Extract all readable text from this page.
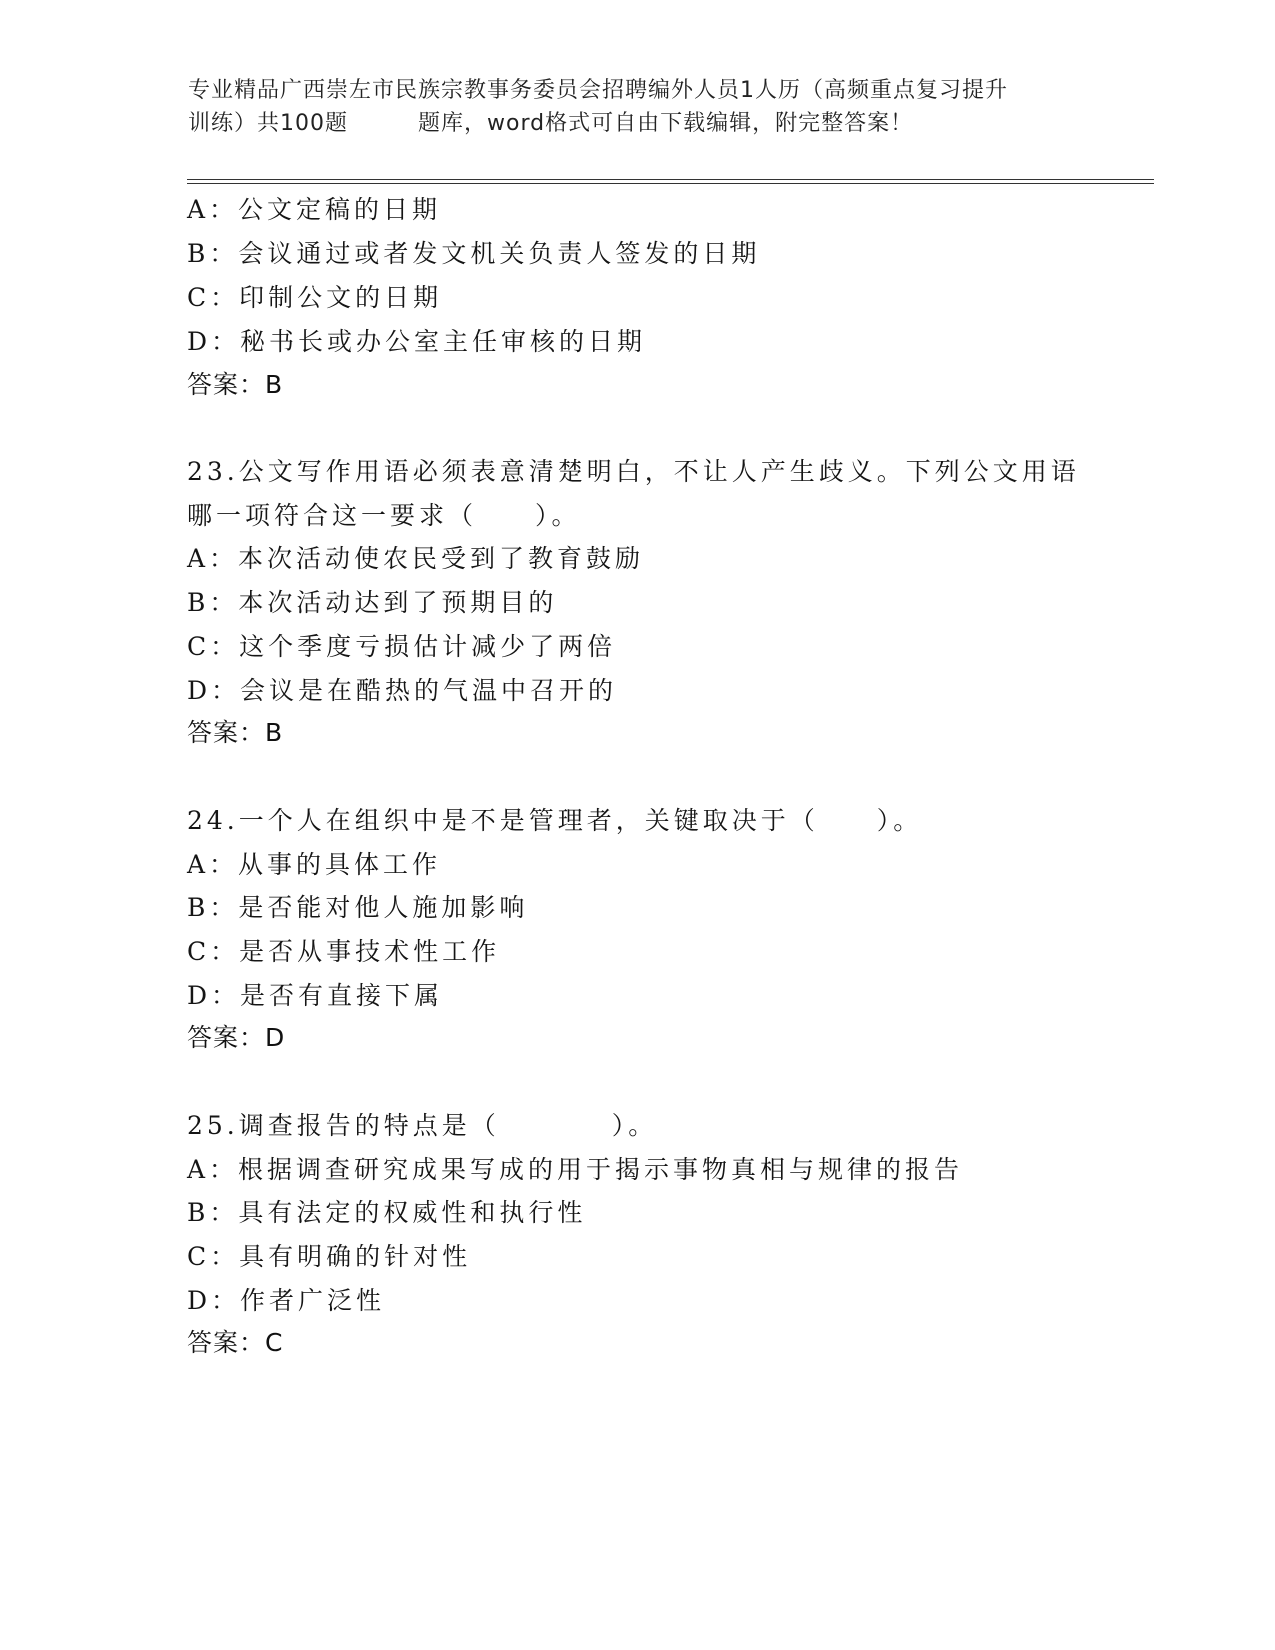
专业精品广西崇左市民族宗教事务委员会招聘编外人员1人历（高频重点复习提升
训练）共100题	题库，word格式可自由下载编辑，附完整答案！
A：公文定稿的日期
B：会议通过或者发文机关负责人签发的日期
C：印制公文的日期
D：秘书长或办公室主任审核的日期
答案：B
23.公文写作用语必须表意清楚明白，不让人产生歧义。下列公文用语
哪一项符合这一要求（ ）。
A：本次活动使农民受到了教育鼓励
B：本次活动达到了预期目的
C：这个季度亏损估计减少了两倍
D：会议是在酷热的气温中召开的
答案：B
24.一个人在组织中是不是管理者，关键取决于（ ）。
A：从事的具体工作
B：是否能对他人施加影响
C：是否从事技术性工作
D：是否有直接下属
答案：D
25.调查报告的特点是（	）。
A：根据调查研究成果写成的用于揭示事物真相与规律的报告
B：具有法定的权威性和执行性
C：具有明确的针对性
D：作者广泛性
答案：C
